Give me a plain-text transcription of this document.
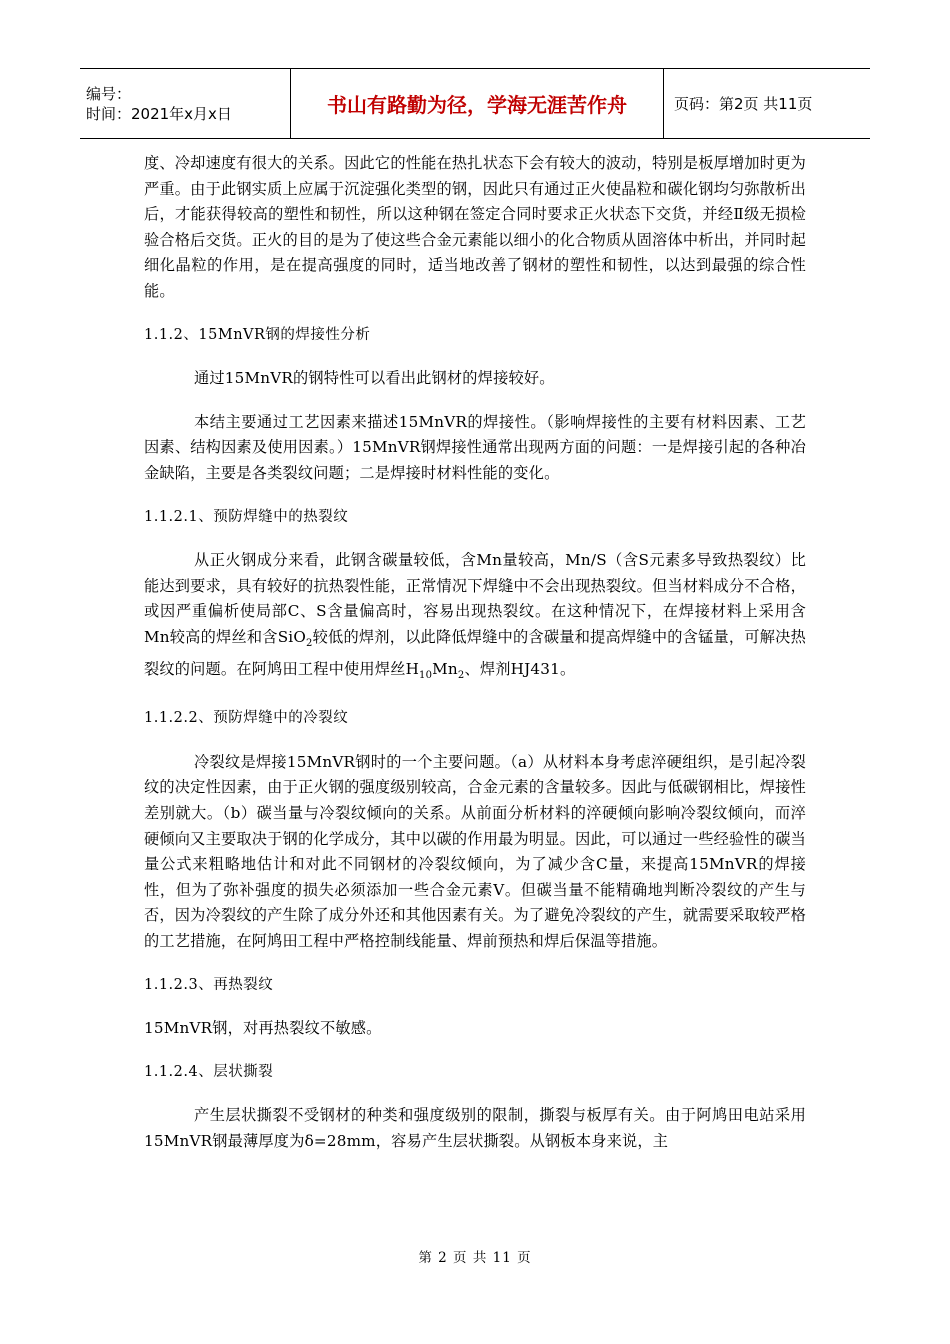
编号：
时间：2021年x月x日	书山有路勤为径，学海无涯苦作舟	页码：第2页 共11页

度、冷却速度有很大的关系。因此它的性能在热扎状态下会有较大的波动，特别是板厚增加时更为严重。由于此钢实质上应属于沉淀强化类型的钢，因此只有通过正火使晶粒和碳化钢均匀弥散析出后，才能获得较高的塑性和韧性，所以这种钢在签定合同时要求正火状态下交货，并经Ⅱ级无损检验合格后交货。正火的目的是为了使这些合金元素能以细小的化合物质从固溶体中析出，并同时起细化晶粒的作用，是在提高强度的同时，适当地改善了钢材的塑性和韧性，以达到最强的综合性能。

1.1.2、15MnVR钢的焊接性分析

通过15MnVR的钢特性可以看出此钢材的焊接较好。

本结主要通过工艺因素来描述15MnVR的焊接性。（影响焊接性的主要有材料因素、工艺因素、结构因素及使用因素。）15MnVR钢焊接性通常出现两方面的问题：一是焊接引起的各种冶金缺陷，主要是各类裂纹问题；二是焊接时材料性能的变化。

1.1.2.1、预防焊缝中的热裂纹

从正火钢成分来看，此钢含碳量较低，含Mn量较高，Mn/S（含S元素多导致热裂纹）比能达到要求，具有较好的抗热裂性能，正常情况下焊缝中不会出现热裂纹。但当材料成分不合格，或因严重偏析使局部C、S含量偏高时，容易出现热裂纹。在这种情况下，在焊接材料上采用含Mn较高的焊丝和含SiO$_2$较低的焊剂，以此降低焊缝中的含碳量和提高焊缝中的含锰量，可解决热裂纹的问题。在阿鸠田工程中使用焊丝$H_{10}Mn_2$、焊剂HJ431。

1.1.2.2、预防焊缝中的冷裂纹

冷裂纹是焊接15MnVR钢时的一个主要问题。（a）从材料本身考虑淬硬组织，是引起冷裂纹的决定性因素，由于正火钢的强度级别较高，合金元素的含量较多。因此与低碳钢相比，焊接性差别就大。（b）碳当量与冷裂纹倾向的关系。从前面分析材料的淬硬倾向影响冷裂纹倾向，而淬硬倾向又主要取决于钢的化学成分，其中以碳的作用最为明显。因此，可以通过一些经验性的碳当量公式来粗略地估计和对此不同钢材的冷裂纹倾向，为了减少含C量，来提高15MnVR的焊接性，但为了弥补强度的损失必须添加一些合金元素V。但碳当量不能精确地判断冷裂纹的产生与否，因为冷裂纹的产生除了成分外还和其他因素有关。为了避免冷裂纹的产生，就需要采取较严格的工艺措施，在阿鸠田工程中严格控制线能量、焊前预热和焊后保温等措施。

1.1.2.3、再热裂纹

15MnVR钢，对再热裂纹不敏感。

1.1.2.4、层状撕裂

产生层状撕裂不受钢材的种类和强度级别的限制，撕裂与板厚有关。由于阿鸠田电站采用15MnVR钢最薄厚度为δ=28mm，容易产生层状撕裂。从钢板本身来说，主

第 2 页 共 11 页
